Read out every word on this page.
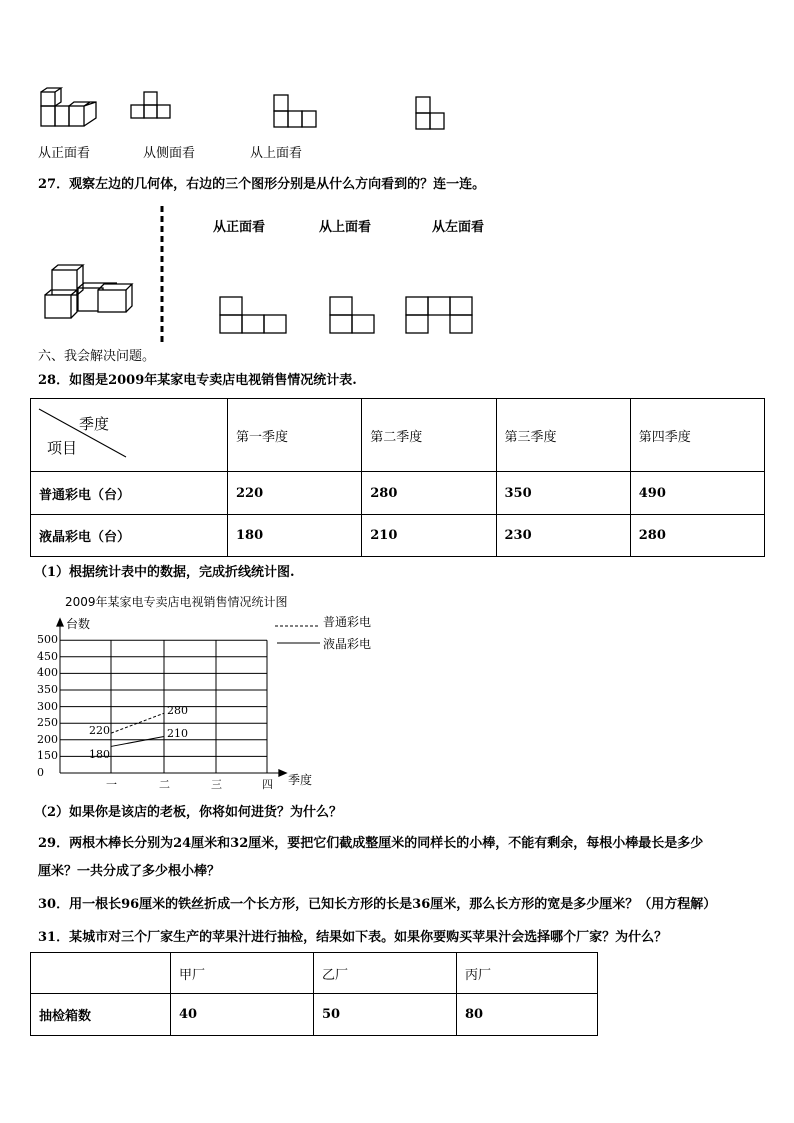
从正面看	从侧面看	从上面看
27．观察左边的几何体，右边的三个图形分别是从什么方向看到的？连一连。
从正面看	从上面看	从左面看
六、我会解决问题。
28．如图是2009年某家电专卖店电视销售情况统计表.
季度
项目	第一季度	第二季度	第三季度	第四季度
普通彩电（台）	220	280	350	490
液晶彩电（台）	180	210	230	280
（1）根据统计表中的数据，完成折线统计图.
2009年某家电专卖店电视销售情况统计图
台数
季度
普通彩电
液晶彩电
0
150
200
250
300
350
400
450
500
一	二	三	四
220
280
180
210
（2）如果你是该店的老板，你将如何进货？为什么？
29．两根木棒长分别为24厘米和32厘米，要把它们截成整厘米的同样长的小棒，不能有剩余，每根小棒最长是多少
厘米？一共分成了多少根小棒？
30．用一根长96厘米的铁丝折成一个长方形，已知长方形的长是36厘米，那么长方形的宽是多少厘米？（用方程解）
31．某城市对三个厂家生产的苹果汁进行抽检，结果如下表。如果你要购买苹果汁会选择哪个厂家？为什么？
	甲厂	乙厂	丙厂
抽检箱数	40	50	80
